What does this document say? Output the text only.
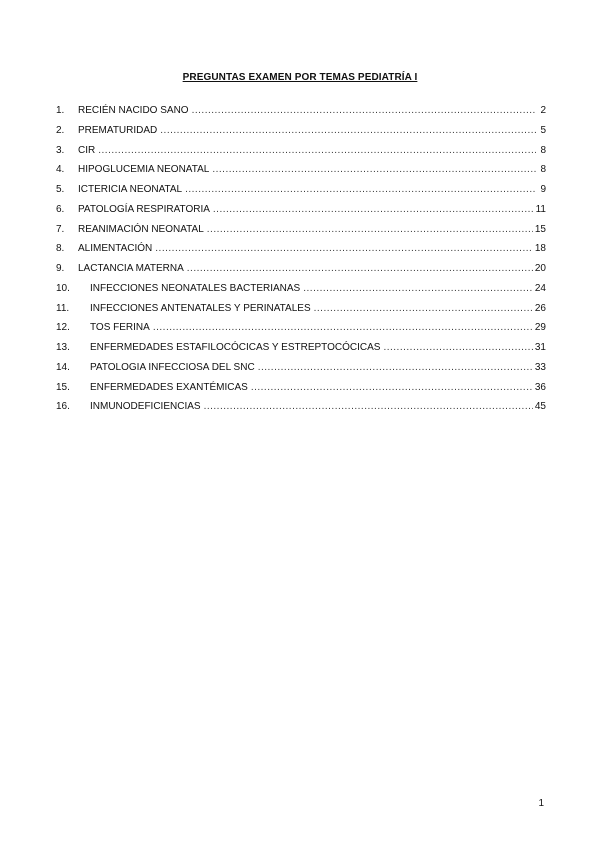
PREGUNTAS EXAMEN POR TEMAS PEDIATRÍA I
1.	RECIÉN NACIDO SANO .....	2
2.	PREMATURIDAD .....	5
3.	CIR .....	8
4.	HIPOGLUCEMIA NEONATAL .....	8
5.	ICTERICIA NEONATAL .....	9
6.	PATOLOGÍA RESPIRATORIA .....	11
7.	REANIMACIÓN NEONATAL .....	15
8.	ALIMENTACIÓN .....	18
9.	LACTANCIA MATERNA .....	20
10.	INFECCIONES NEONATALES BACTERIANAS .....	24
11.	INFECCIONES ANTENATALES Y PERINATALES .....	26
12.	TOS FERINA .....	29
13.	ENFERMEDADES ESTAFILOCÓCICAS Y ESTREPTOCÓCICAS .....	31
14.	PATOLOGIA INFECCIOSA DEL SNC .....	33
15.	ENFERMEDADES EXANTÉMICAS .....	36
16.	INMUNODEFICIENCIAS .....	45
1
